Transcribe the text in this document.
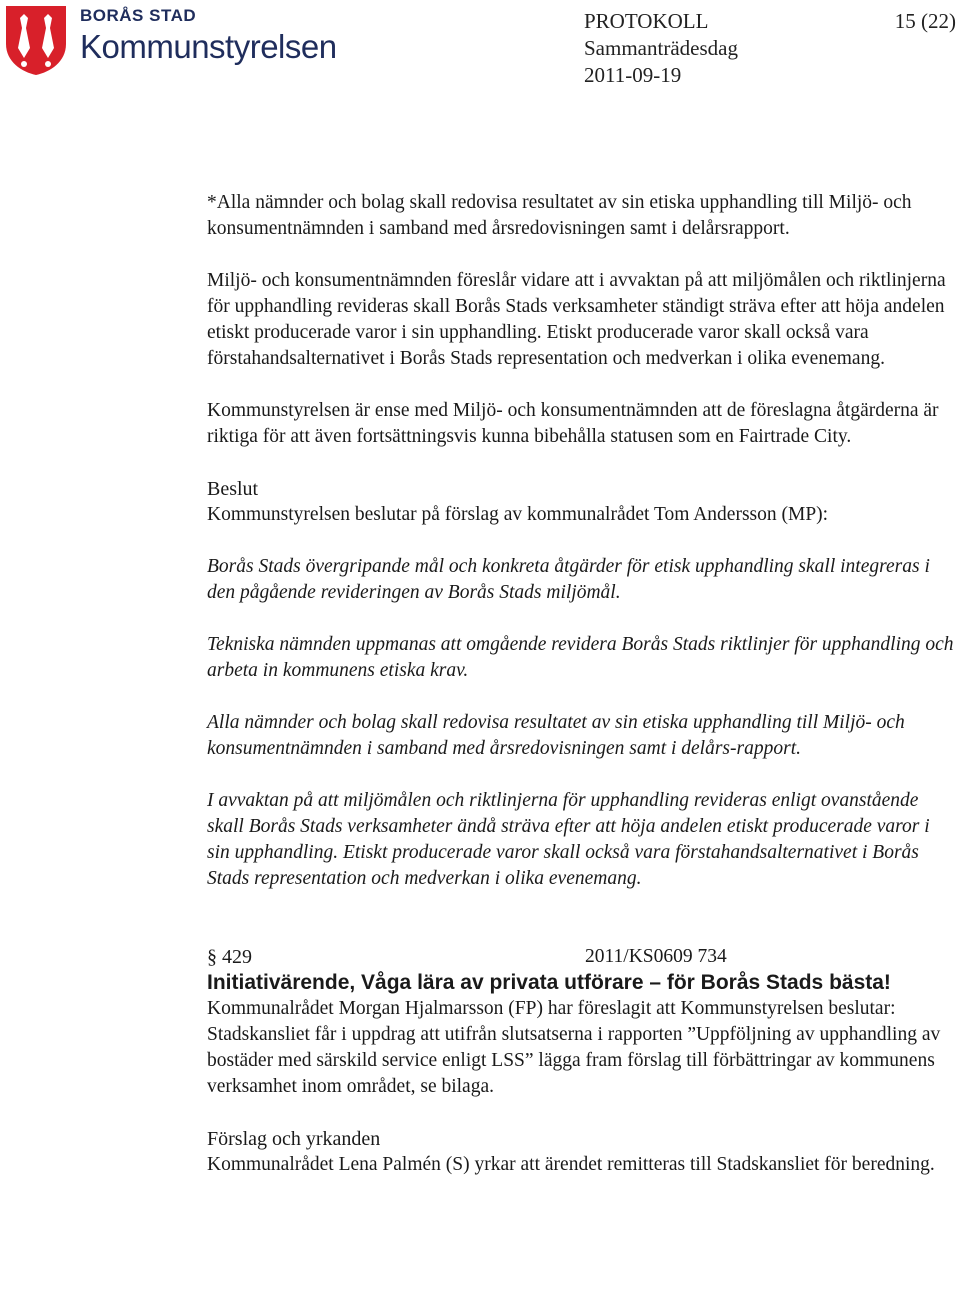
BORÅS STAD
Kommunstyrelsen
PROTOKOLL	15 (22)
Sammanträdesdag
2011-09-19

*Alla nämnder och bolag skall redovisa resultatet av sin etiska upphandling till Miljö- och konsumentnämnden i samband med årsredovisningen samt i delårsrapport.

Miljö- och konsumentnämnden föreslår vidare att i avvaktan på att miljömålen och riktlinjerna för upphandling revideras skall Borås Stads verksamheter ständigt sträva efter att höja andelen etiskt producerade varor i sin upphandling. Etiskt producerade varor skall också vara förstahandsalternativet i Borås Stads representation och medverkan i olika evenemang.

Kommunstyrelsen är ense med Miljö- och konsumentnämnden att de föreslagna åtgärderna är riktiga för att även fortsättningsvis kunna bibehålla statusen som en Fairtrade City.

Beslut

Kommunstyrelsen beslutar på förslag av kommunalrådet Tom Andersson (MP):

Borås Stads övergripande mål och konkreta åtgärder för etisk upphandling skall integreras i den pågående revideringen av Borås Stads miljömål.

Tekniska nämnden uppmanas att omgående revidera Borås Stads riktlinjer för upphandling och arbeta in kommunens etiska krav.

Alla nämnder och bolag skall redovisa resultatet av sin etiska upphandling till Miljö- och konsumentnämnden i samband med årsredovisningen samt i delårs-rapport.

I avvaktan på att miljömålen och riktlinjerna för upphandling revideras enligt ovanstående skall Borås Stads verksamheter ändå sträva efter att höja andelen etiskt producerade varor i sin upphandling. Etiskt producerade varor skall också vara förstahandsalternativet i Borås Stads representation och medverkan i olika evenemang.

§ 429	2011/KS0609 734

Initiativärende, Våga lära av privata utförare – för Borås Stads bästa!

Kommunalrådet Morgan Hjalmarsson (FP) har föreslagit att Kommunstyrelsen beslutar: Stadskansliet får i uppdrag att utifrån slutsatserna i rapporten ”Uppföljning av upphandling av bostäder med särskild service enligt LSS” lägga fram förslag till förbättringar av kommunens verksamhet inom området, se bilaga.

Förslag och yrkanden

Kommunalrådet Lena Palmén (S) yrkar att ärendet remitteras till Stadskansliet för beredning.
